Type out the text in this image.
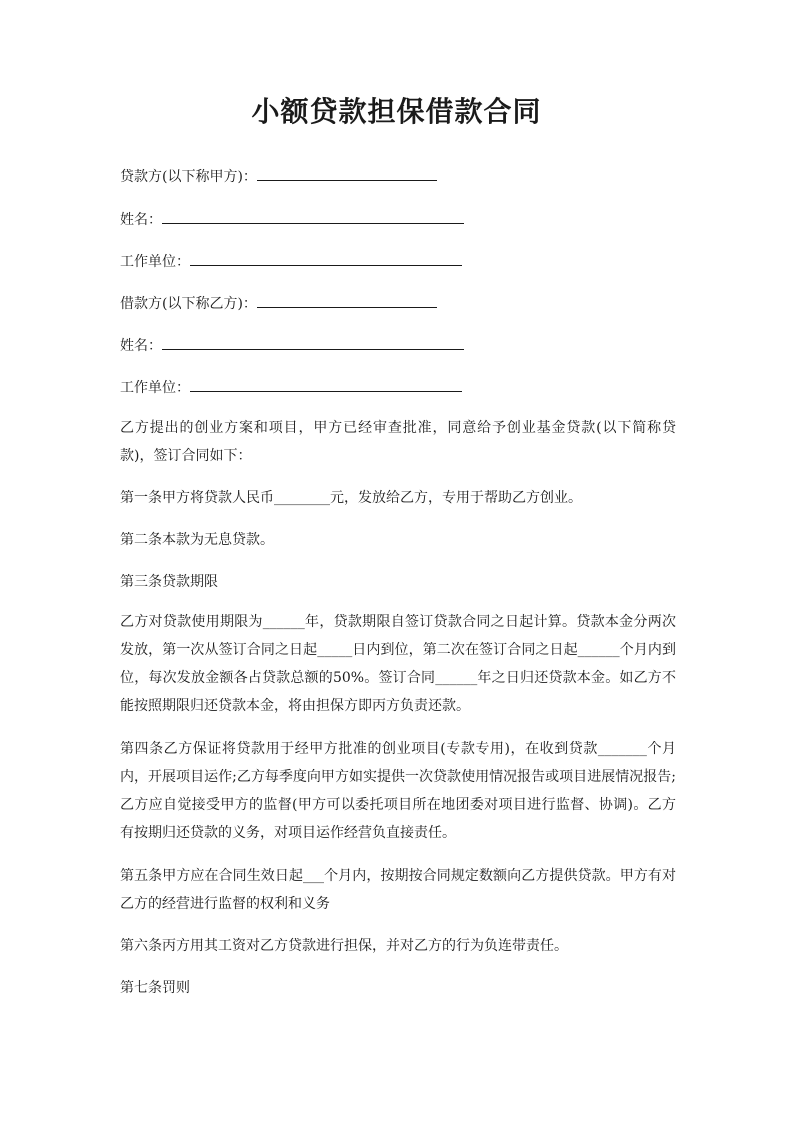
小额贷款担保借款合同
贷款方(以下称甲方)：
姓名：
工作单位：
借款方(以下称乙方)：
姓名：
工作单位：

乙方提出的创业方案和项目，甲方已经审查批准，同意给予创业基金贷款(以下简称贷款)，签订合同如下：

第一条甲方将贷款人民币________元，发放给乙方，专用于帮助乙方创业。

第二条本款为无息贷款。

第三条贷款期限

乙方对贷款使用期限为______年，贷款期限自签订贷款合同之日起计算。贷款本金分两次发放，第一次从签订合同之日起_____日内到位，第二次在签订合同之日起______个月内到位，每次发放金额各占贷款总额的50%。签订合同______年之日归还贷款本金。如乙方不能按照期限归还贷款本金，将由担保方即丙方负责还款。

第四条乙方保证将贷款用于经甲方批准的创业项目(专款专用)，在收到贷款_______个月内，开展项目运作;乙方每季度向甲方如实提供一次贷款使用情况报告或项目进展情况报告;乙方应自觉接受甲方的监督(甲方可以委托项目所在地团委对项目进行监督、协调)。乙方有按期归还贷款的义务，对项目运作经营负直接责任。

第五条甲方应在合同生效日起___个月内，按期按合同规定数额向乙方提供贷款。甲方有对乙方的经营进行监督的权利和义务

第六条丙方用其工资对乙方贷款进行担保，并对乙方的行为负连带责任。

第七条罚则
